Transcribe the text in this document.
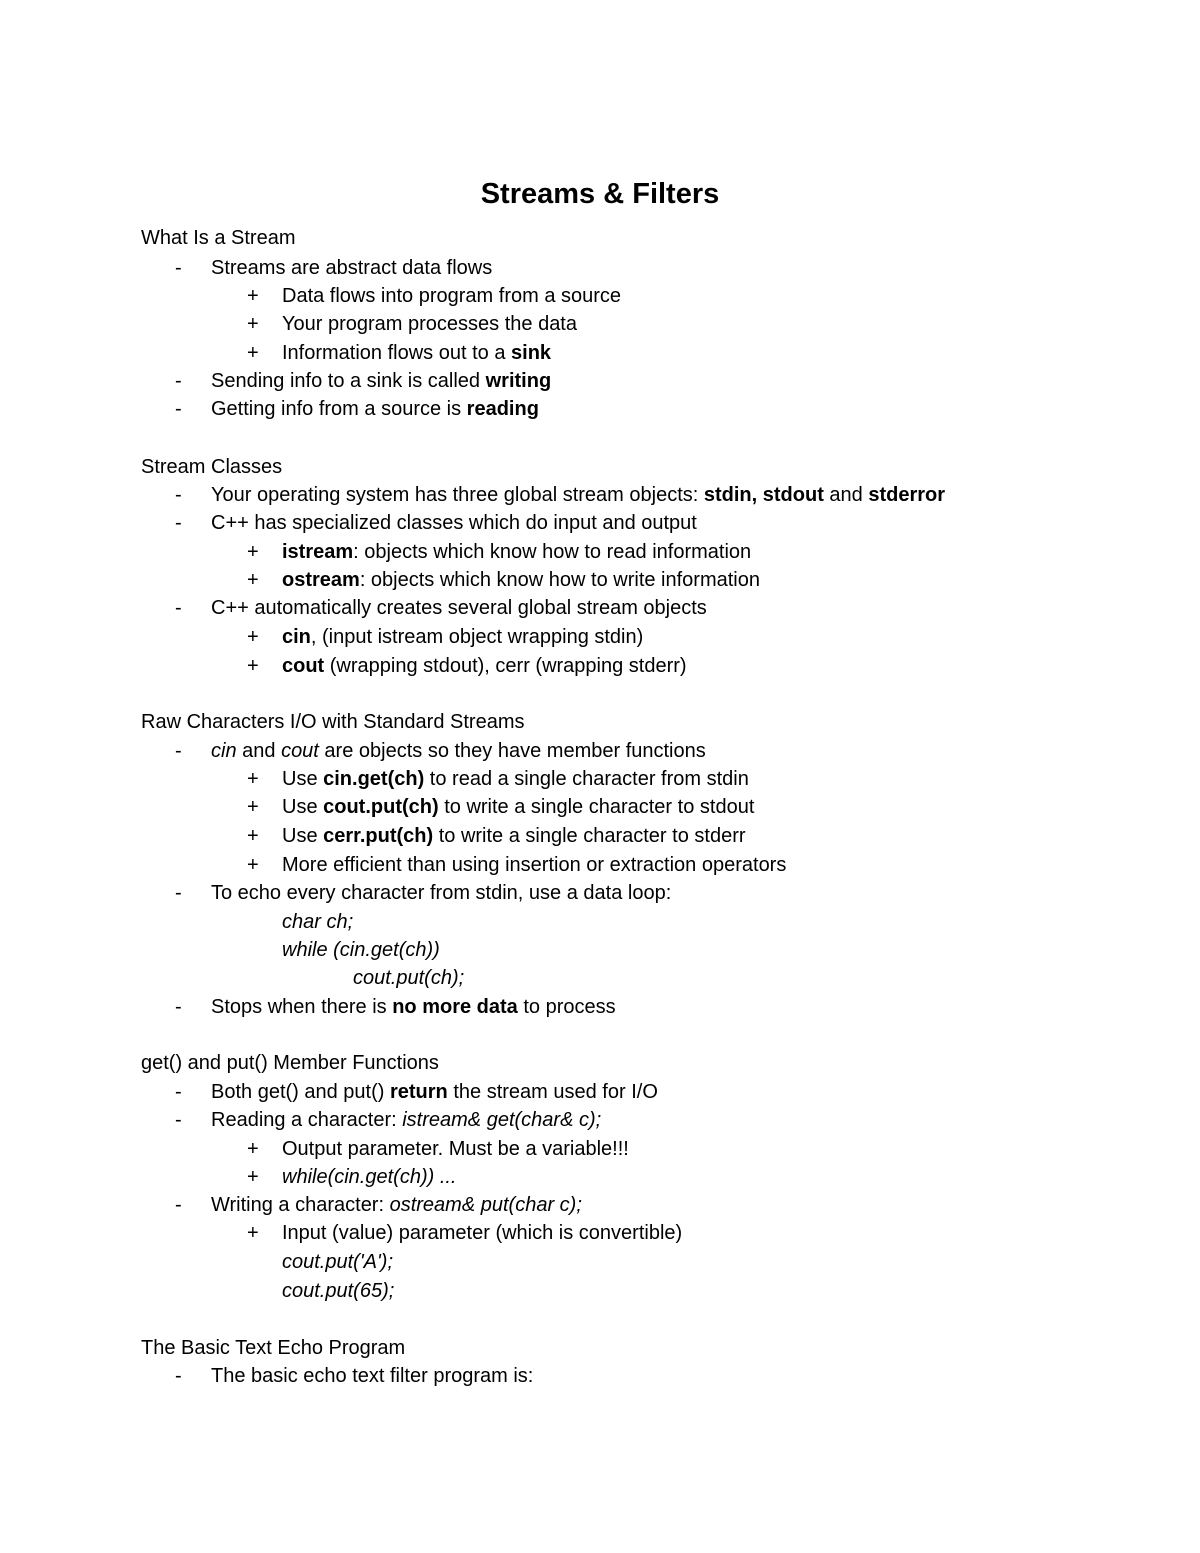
Streams & Filters
What Is a Stream
- Streams are abstract data flows
+ Data flows into program from a source
+ Your program processes the data
+ Information flows out to a sink
- Sending info to a sink is called writing
- Getting info from a source is reading
Stream Classes
- Your operating system has three global stream objects: stdin, stdout and stderror
- C++ has specialized classes which do input and output
+ istream: objects which know how to read information
+ ostream: objects which know how to write information
- C++ automatically creates several global stream objects
+ cin, (input istream object wrapping stdin)
+ cout (wrapping stdout), cerr (wrapping stderr)
Raw Characters I/O with Standard Streams
- cin and cout are objects so they have member functions
+ Use cin.get(ch) to read a single character from stdin
+ Use cout.put(ch) to write a single character to stdout
+ Use cerr.put(ch) to write a single character to stderr
+ More efficient than using insertion or extraction operators
- To echo every character from stdin, use a data loop:
char ch;
while (cin.get(ch))
cout.put(ch);
- Stops when there is no more data to process
get() and put() Member Functions
- Both get() and put() return the stream used for I/O
- Reading a character: istream& get(char& c);
+ Output parameter. Must be a variable!!!
+ while(cin.get(ch)) ...
- Writing a character: ostream& put(char c);
+ Input (value) parameter (which is convertible)
cout.put('A');
cout.put(65);
The Basic Text Echo Program
- The basic echo text filter program is:
